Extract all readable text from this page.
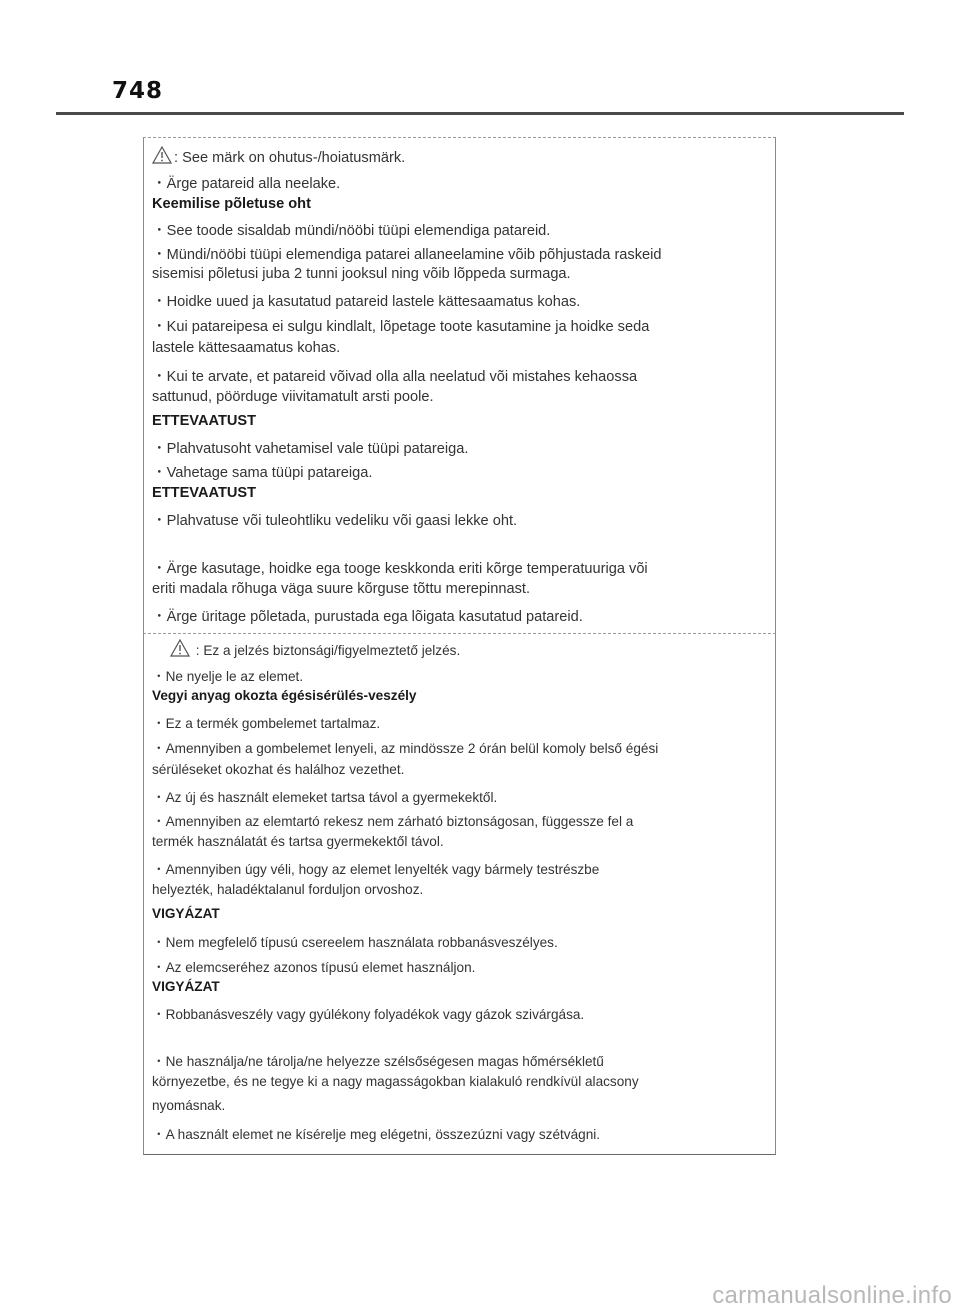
748
: See märk on ohutus-/hoiatusmärk.
・Ärge patareid alla neelake.
Keemilise põletuse oht
・See toode sisaldab mündi/nööbi tüüpi elemendiga patareid.
・Mündi/nööbi tüüpi elemendiga patarei allaneelamine võib põhjustada raskeid
sisemisi põletusi juba 2 tunni jooksul ning võib lõppeda surmaga.
・Hoidke uued ja kasutatud patareid lastele kättesaamatus kohas.
・Kui patareipesa ei sulgu kindlalt, lõpetage toote kasutamine ja hoidke seda
lastele kättesaamatus kohas.
・Kui te arvate, et patareid võivad olla alla neelatud või mistahes kehaossa
sattunud, pöörduge viivitamatult arsti poole.
ETTEVAATUST
・Plahvatusoht vahetamisel vale tüüpi patareiga.
・Vahetage sama tüüpi patareiga.
ETTEVAATUST
・Plahvatuse või tuleohtliku vedeliku või gaasi lekke oht.
・Ärge kasutage, hoidke ega tooge keskkonda eriti kõrge temperatuuriga või
eriti madala rõhuga väga suure kõrguse tõttu merepinnast.
・Ärge üritage põletada, purustada ega lõigata kasutatud patareid.
: Ez a jelzés biztonsági/figyelmeztető jelzés.
・Ne nyelje le az elemet.
Vegyi anyag okozta égésisérülés-veszély
・Ez a termék gombelemet tartalmaz.
・Amennyiben a gombelemet lenyeli, az mindössze 2 órán belül komoly belső égési
sérüléseket okozhat és halálhoz vezethet.
・Az új és használt elemeket tartsa távol a gyermekektől.
・Amennyiben az elemtartó rekesz nem zárható biztonságosan, függessze fel a
termék használatát és tartsa gyermekektől távol.
・Amennyiben úgy véli, hogy az elemet lenyelték vagy bármely testrészbe
helyezték, haladéktalanul forduljon orvoshoz.
VIGYÁZAT
・Nem megfelelő típusú csereelem használata robbanásveszélyes.
・Az elemcseréhez azonos típusú elemet használjon.
VIGYÁZAT
・Robbanásveszély vagy gyúlékony folyadékok vagy gázok szivárgása.
・Ne használja/ne tárolja/ne helyezze szélsőségesen magas hőmérsékletű
környezetbe, és ne tegye ki a nagy magasságokban kialakuló rendkívül alacsony
nyomásnak.
・A használt elemet ne kísérelje meg elégetni, összezúzni vagy szétvágni.
carmanualsonline.info
